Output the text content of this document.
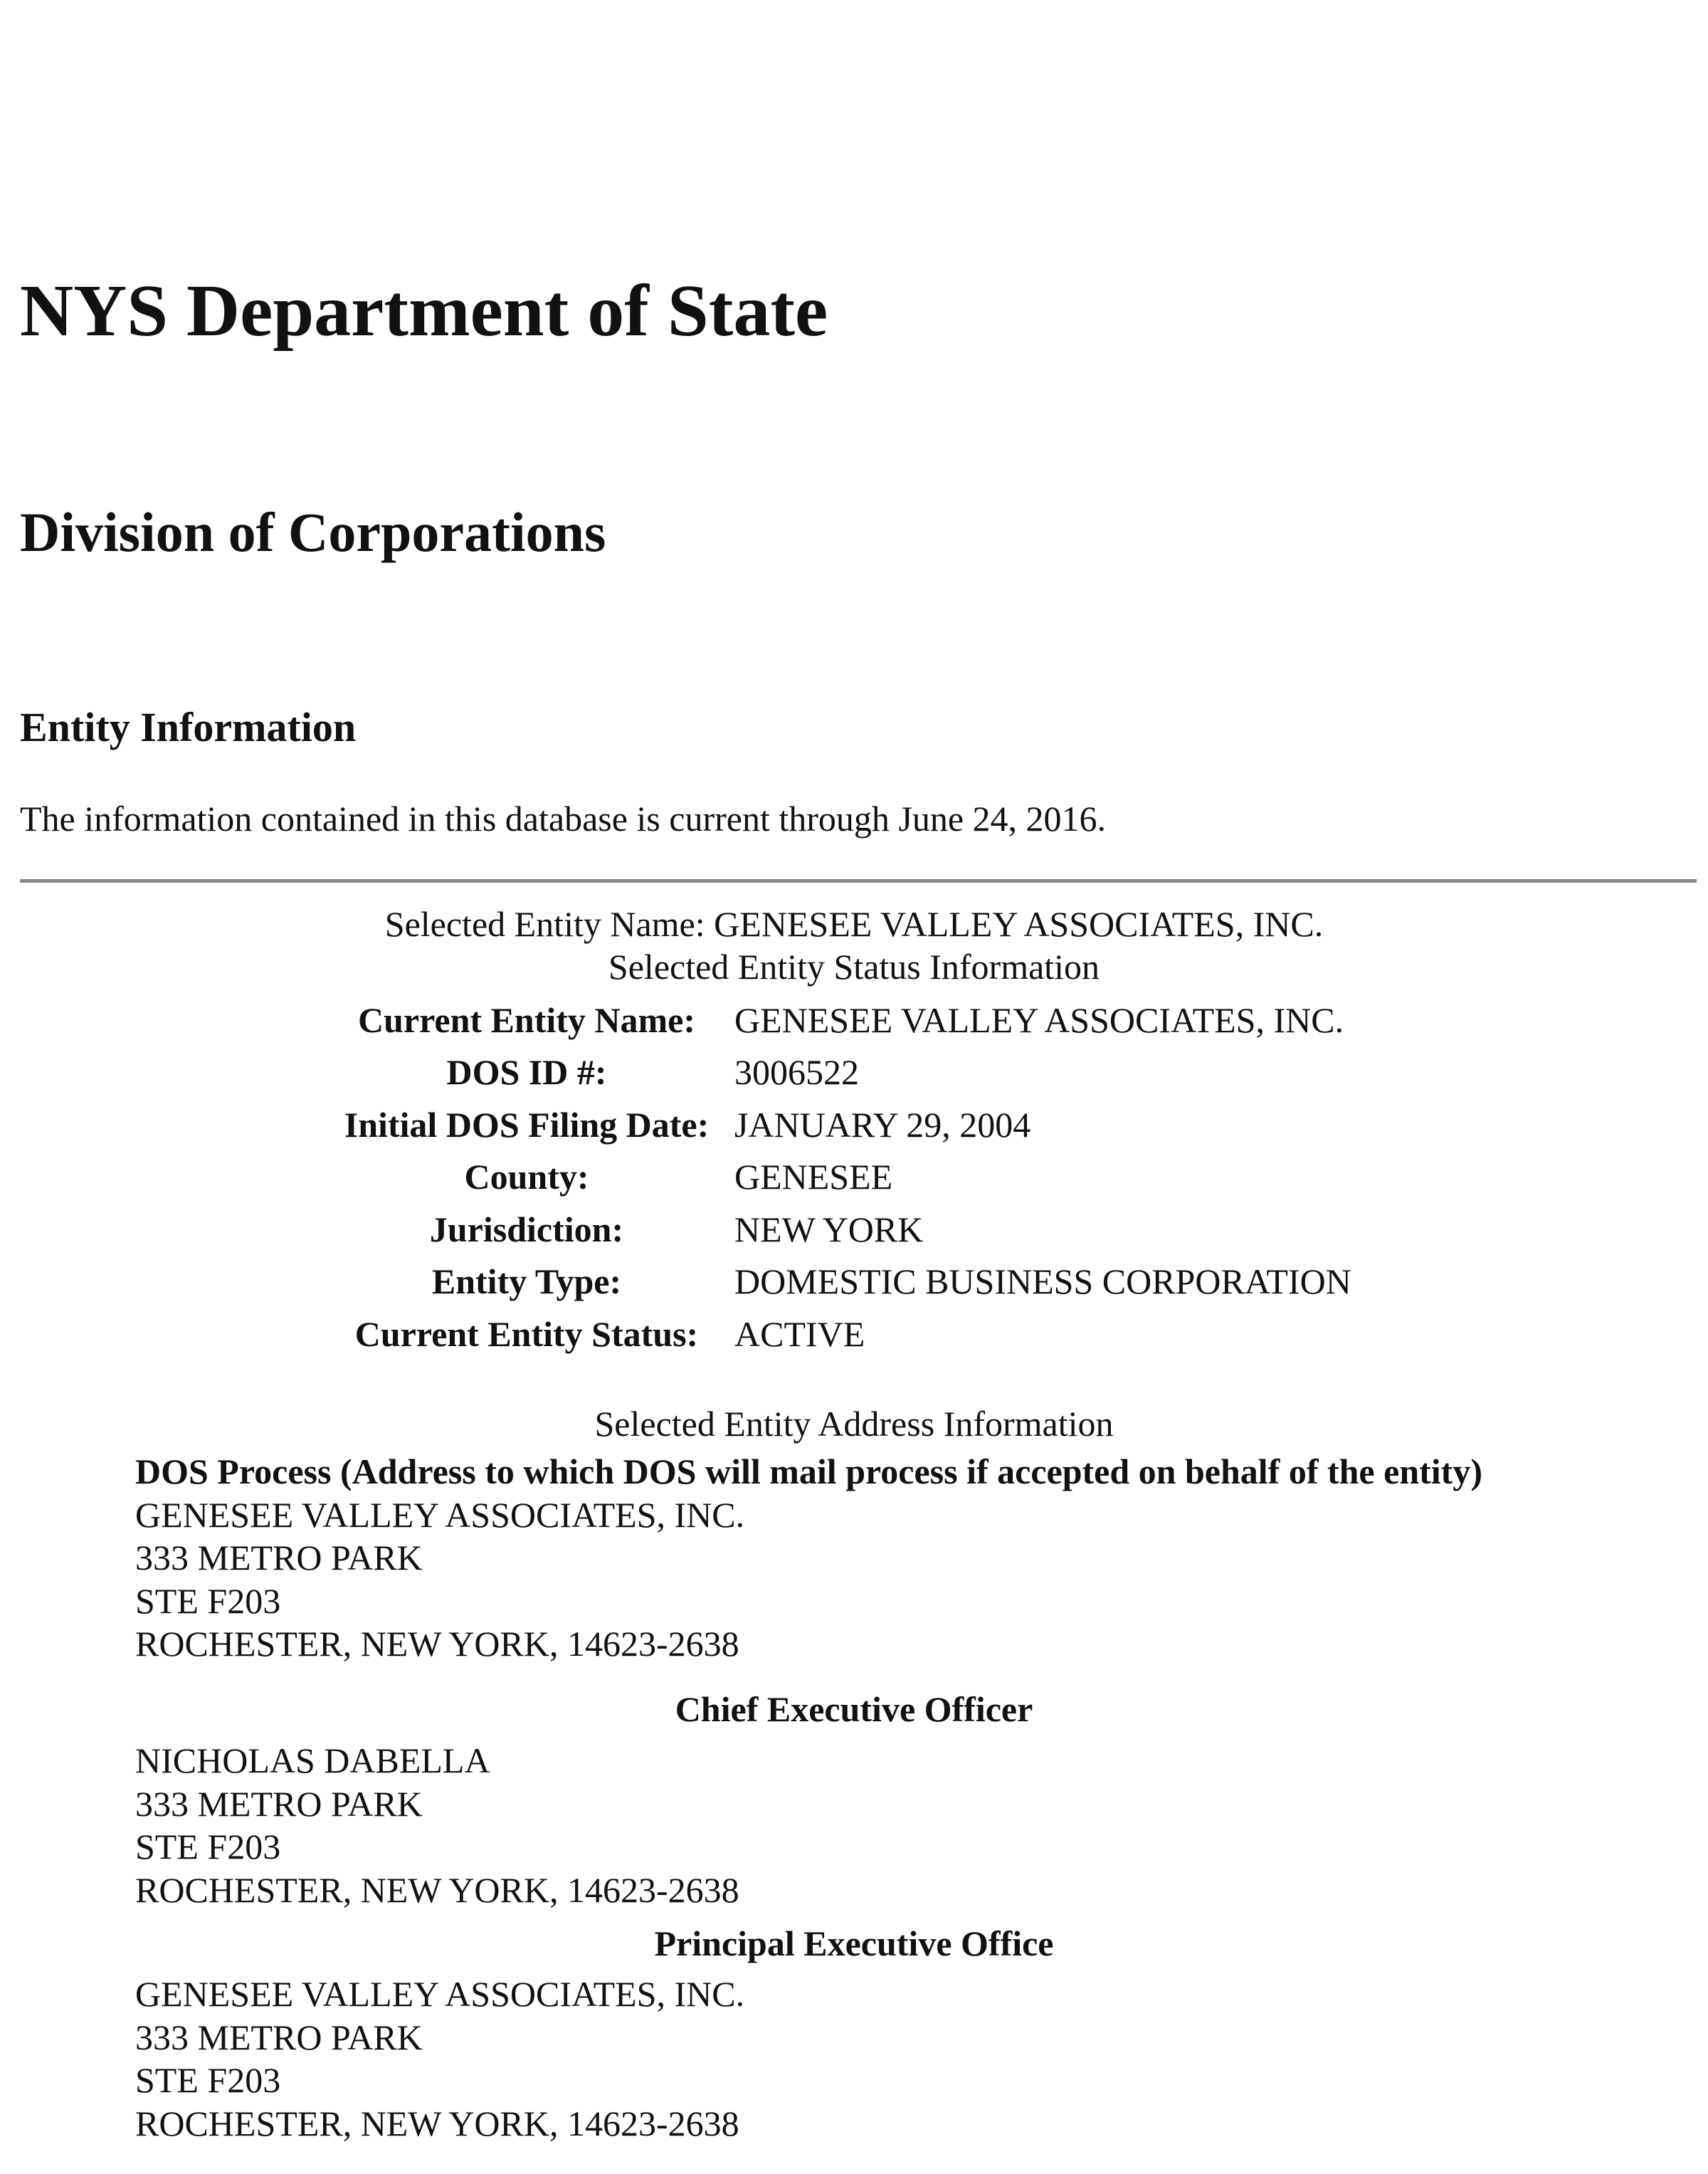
NYS Department of State
Division of Corporations
Entity Information

The information contained in this database is current through June 24, 2016.

Selected Entity Name: GENESEE VALLEY ASSOCIATES, INC.
Selected Entity Status Information
Current Entity Name:	GENESEE VALLEY ASSOCIATES, INC.
DOS ID #:	3006522
Initial DOS Filing Date:	JANUARY 29, 2004
County:	GENESEE
Jurisdiction:	NEW YORK
Entity Type:	DOMESTIC BUSINESS CORPORATION
Current Entity Status:	ACTIVE
Selected Entity Address Information
DOS Process (Address to which DOS will mail process if accepted on behalf of the entity)
GENESEE VALLEY ASSOCIATES, INC.
333 METRO PARK
STE F203
ROCHESTER, NEW YORK, 14623-2638
Chief Executive Officer
NICHOLAS DABELLA
333 METRO PARK
STE F203
ROCHESTER, NEW YORK, 14623-2638
Principal Executive Office
GENESEE VALLEY ASSOCIATES, INC.
333 METRO PARK
STE F203
ROCHESTER, NEW YORK, 14623-2638
